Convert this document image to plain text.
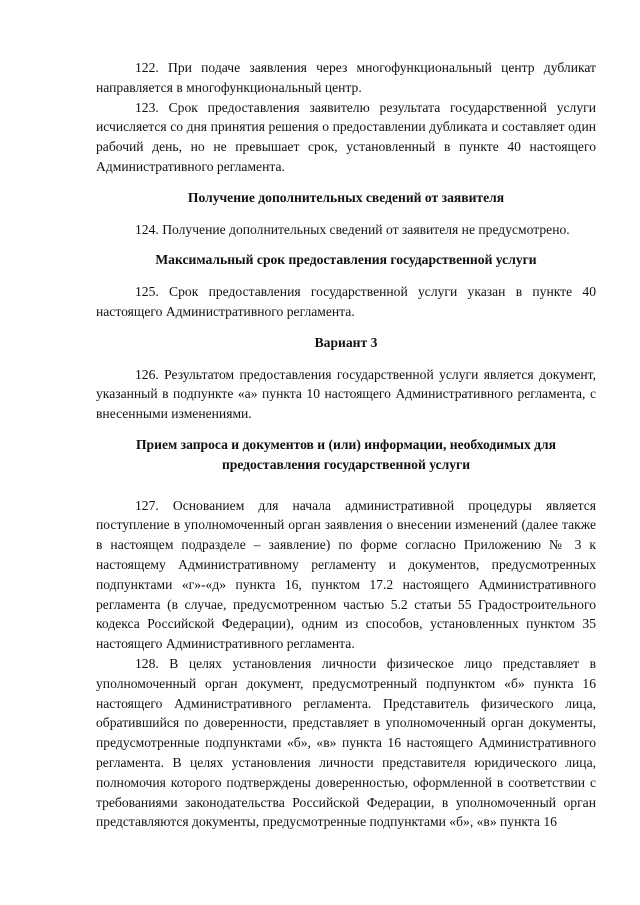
122. При подаче заявления через многофункциональный центр дубликат направляется в многофункциональный центр.

123. Срок предоставления заявителю результата государственной услуги исчисляется со дня принятия решения о предоставлении дубликата и составляет один рабочий день, но не превышает срок, установленный в пункте 40 настоящего Административного регламента.

Получение дополнительных сведений от заявителя

124. Получение дополнительных сведений от заявителя не предусмотрено.

Максимальный срок предоставления государственной услуги

125. Срок предоставления государственной услуги указан в пункте 40 настоящего Административного регламента.

Вариант 3

126. Результатом предоставления государственной услуги является документ, указанный в подпункте «а» пункта 10 настоящего Административного регламента, с внесенными изменениями.

Прием запроса и документов и (или) информации, необходимых для
предоставления государственной услуги

127. Основанием для начала административной процедуры является поступление в уполномоченный орган заявления о внесении изменений (далее также в настоящем подразделе – заявление) по форме согласно Приложению № 3 к настоящему Административному регламенту и документов, предусмотренных подпунктами «г»-«д» пункта 16, пунктом 17.2 настоящего Административного регламента (в случае, предусмотренном частью 5.2 статьи 55 Градостроительного кодекса Российской Федерации), одним из способов, установленных пунктом 35 настоящего Административного регламента.

128. В целях установления личности физическое лицо представляет в уполномоченный орган документ, предусмотренный подпунктом «б» пункта 16 настоящего Административного регламента. Представитель физического лица, обратившийся по доверенности, представляет в уполномоченный орган документы, предусмотренные подпунктами «б», «в» пункта 16 настоящего Административного регламента. В целях установления личности представителя юридического лица, полномочия которого подтверждены доверенностью, оформленной в соответствии с требованиями законодательства Российской Федерации, в уполномоченный орган представляются документы, предусмотренные подпунктами «б», «в» пункта 16
